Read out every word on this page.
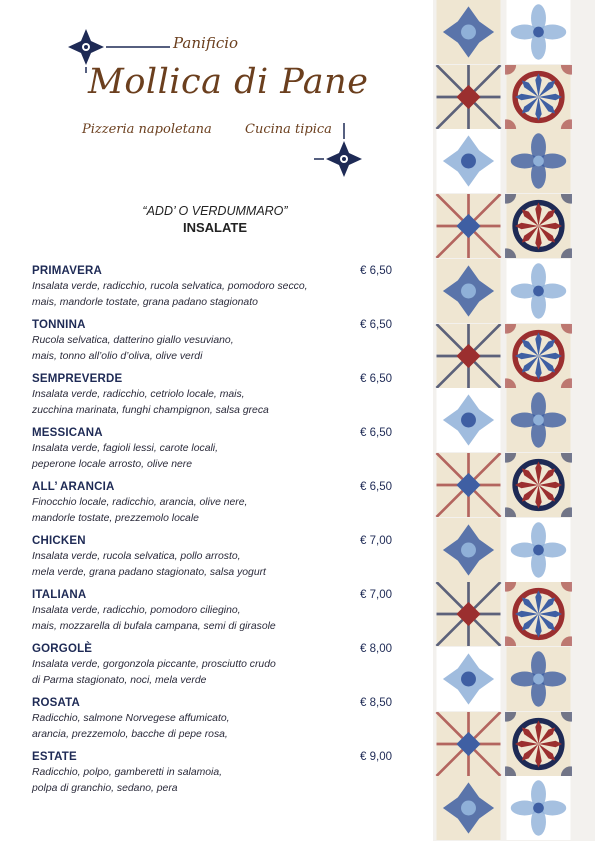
Panificio
Mollica di Pane
Pizzeria napoletana	Cucina tipica
“ADD’ O VERDUMMARO”
INSALATE
PRIMAVERA	€ 6,50
Insalata verde, radicchio, rucola selvatica, pomodoro secco,
mais, mandorle tostate, grana padano stagionato
TONNINA	€ 6,50
Rucola selvatica, datterino giallo vesuviano,
mais, tonno all’olio d’oliva, olive verdi
SEMPREVERDE	€ 6,50
Insalata verde, radicchio, cetriolo locale, mais,
zucchina marinata, funghi champignon, salsa greca
MESSICANA	€ 6,50
Insalata verde, fagioli lessi, carote locali,
peperone locale arrosto, olive nere
ALL’ ARANCIA	€ 6,50
Finocchio locale, radicchio, arancia, olive nere,
mandorle tostate, prezzemolo locale
CHICKEN	€ 7,00
Insalata verde, rucola selvatica, pollo arrosto,
mela verde, grana padano stagionato, salsa yogurt
ITALIANA	€ 7,00
Insalata verde, radicchio, pomodoro ciliegino,
mais, mozzarella di bufala campana, semi di girasole
GORGOLÈ	€ 8,00
Insalata verde, gorgonzola piccante, prosciutto crudo
di Parma stagionato, noci, mela verde
ROSATA	€ 8,50
Radicchio, salmone Norvegese affumicato,
arancia, prezzemolo, bacche di pepe rosa,
ESTATE	€ 9,00
Radicchio, polpo, gamberetti in salamoia,
polpa di granchio, sedano, pera
